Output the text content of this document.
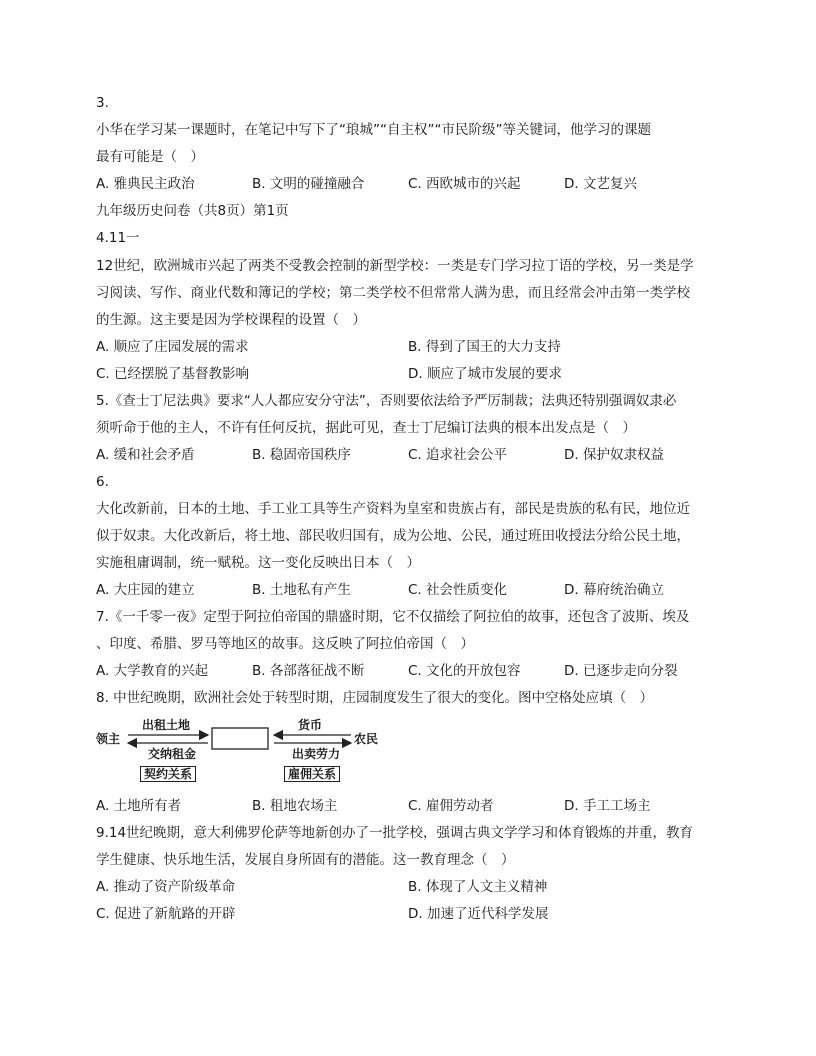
3.
小华在学习某一课题时，在笔记中写下了“琅城”“自主权”“市民阶级”等关键词，他学习的课题
最有可能是（　）
A. 雅典民主政治	B. 文明的碰撞融合	C. 西欧城市的兴起	D. 文艺复兴
九年级历史问卷（共8页）第1页
4.11一
12世纪，欧洲城市兴起了两类不受教会控制的新型学校：一类是专门学习拉丁语的学校，另一类是学
习阅读、写作、商业代数和簿记的学校；第二类学校不但常常人满为患，而且经常会冲击第一类学校
的生源。这主要是因为学校课程的设置（　）
A. 顺应了庄园发展的需求	B. 得到了国王的大力支持
C. 已经摆脱了基督教影响	D. 顺应了城市发展的要求
5.《查士丁尼法典》要求“人人都应安分守法”，否则要依法给予严厉制裁；法典还特别强调奴隶必
须听命于他的主人，不许有任何反抗，据此可见，查士丁尼编订法典的根本出发点是（　）
A. 缓和社会矛盾	B. 稳固帝国秩序	C. 追求社会公平	D. 保护奴隶权益
6.
大化改新前，日本的土地、手工业工具等生产资料为皇室和贵族占有，部民是贵族的私有民，地位近
似于奴隶。大化改新后，将土地、部民收归国有，成为公地、公民，通过班田收授法分给公民土地，
实施租庸调制，统一赋税。这一变化反映出日本（　）
A. 大庄园的建立	B. 土地私有产生	C. 社会性质变化	D. 幕府统治确立
7.《一千零一夜》定型于阿拉伯帝国的鼎盛时期，它不仅描绘了阿拉伯的故事，还包含了波斯、埃及
、印度、希腊、罗马等地区的故事。这反映了阿拉伯帝国（　）
A. 大学教育的兴起	B. 各部落征战不断	C. 文化的开放包容	D. 已逐步走向分裂
8. 中世纪晚期，欧洲社会处于转型时期，庄园制度发生了很大的变化。图中空格处应填（　）
领主	农民
出租土地
交纳租金
货币
出卖劳力
契约关系	雇佣关系
A. 土地所有者	B. 租地农场主	C. 雇佣劳动者	D. 手工工场主
9.14世纪晚期，意大利佛罗伦萨等地新创办了一批学校，强调古典文学学习和体育锻炼的并重，教育
学生健康、快乐地生活，发展自身所固有的潜能。这一教育理念（　）
A. 推动了资产阶级革命	B. 体现了人文主义精神
C. 促进了新航路的开辟	D. 加速了近代科学发展
